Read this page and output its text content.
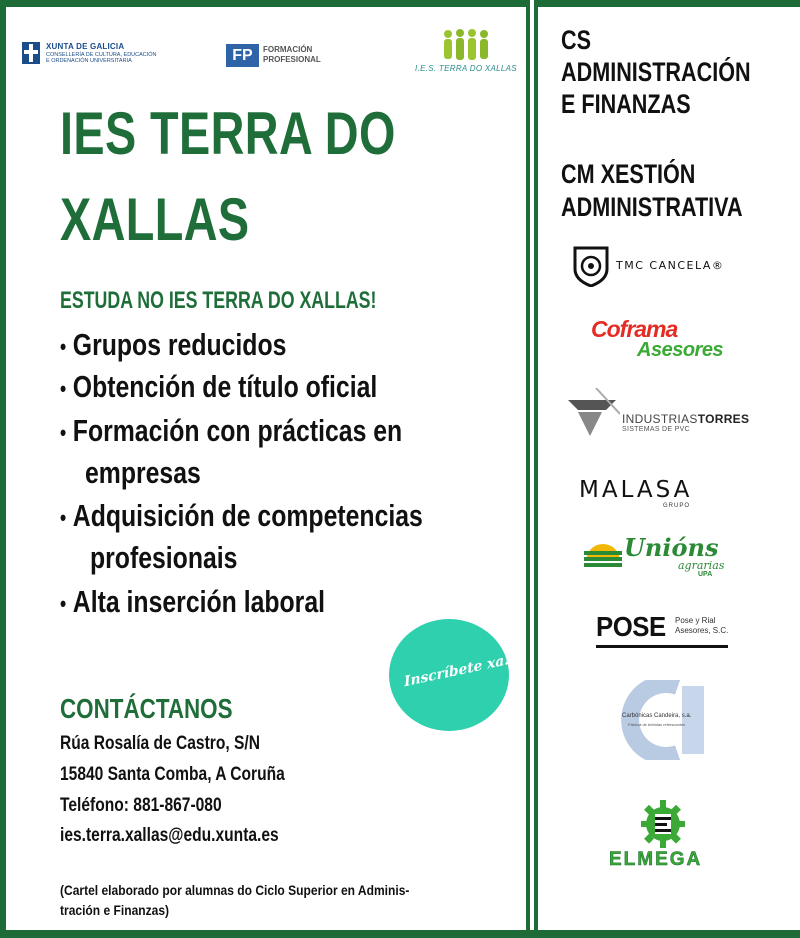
XUNTA DE GALICIA
CONSELLERÍA DE CULTURA, EDUCACIÓN
E ORDENACIÓN UNIVERSITARIA	FP	FORMACIÓN
PROFESIONAL
I.E.S. TERRA DO XALLAS
IES TERRA DO
XALLAS
ESTUDA NO IES TERRA DO XALLAS!
• Grupos reducidos
• Obtención de título oficial
• Formación con prácticas en
empresas
• Adquisición de competencias
profesionais
• Alta inserción laboral
Inscríbete xa!
CONTÁCTANOS
Rúa Rosalía de Castro, S/N
15840 Santa Comba, A Coruña
Teléfono: 881-867-080
ies.terra.xallas@edu.xunta.es
(Cartel elaborado por alumnas do Ciclo Superior en Adminis-
tración e Finanzas)
CS
ADMINISTRACIÓN
E FINANZAS
CM XESTIÓN
ADMINISTRATIVA
TMC CANCELA®
Coframa
Asesores
INDUSTRIASTORRES
SISTEMAS DE PVC
MALASA
GRUPO
Unións
agrarias
UPA
POSE Pose y Rial
Asesores, S.C.
Carbónicas Candeira, s.a.
Fábrica de bebidas refrescantes
ELMEGA
